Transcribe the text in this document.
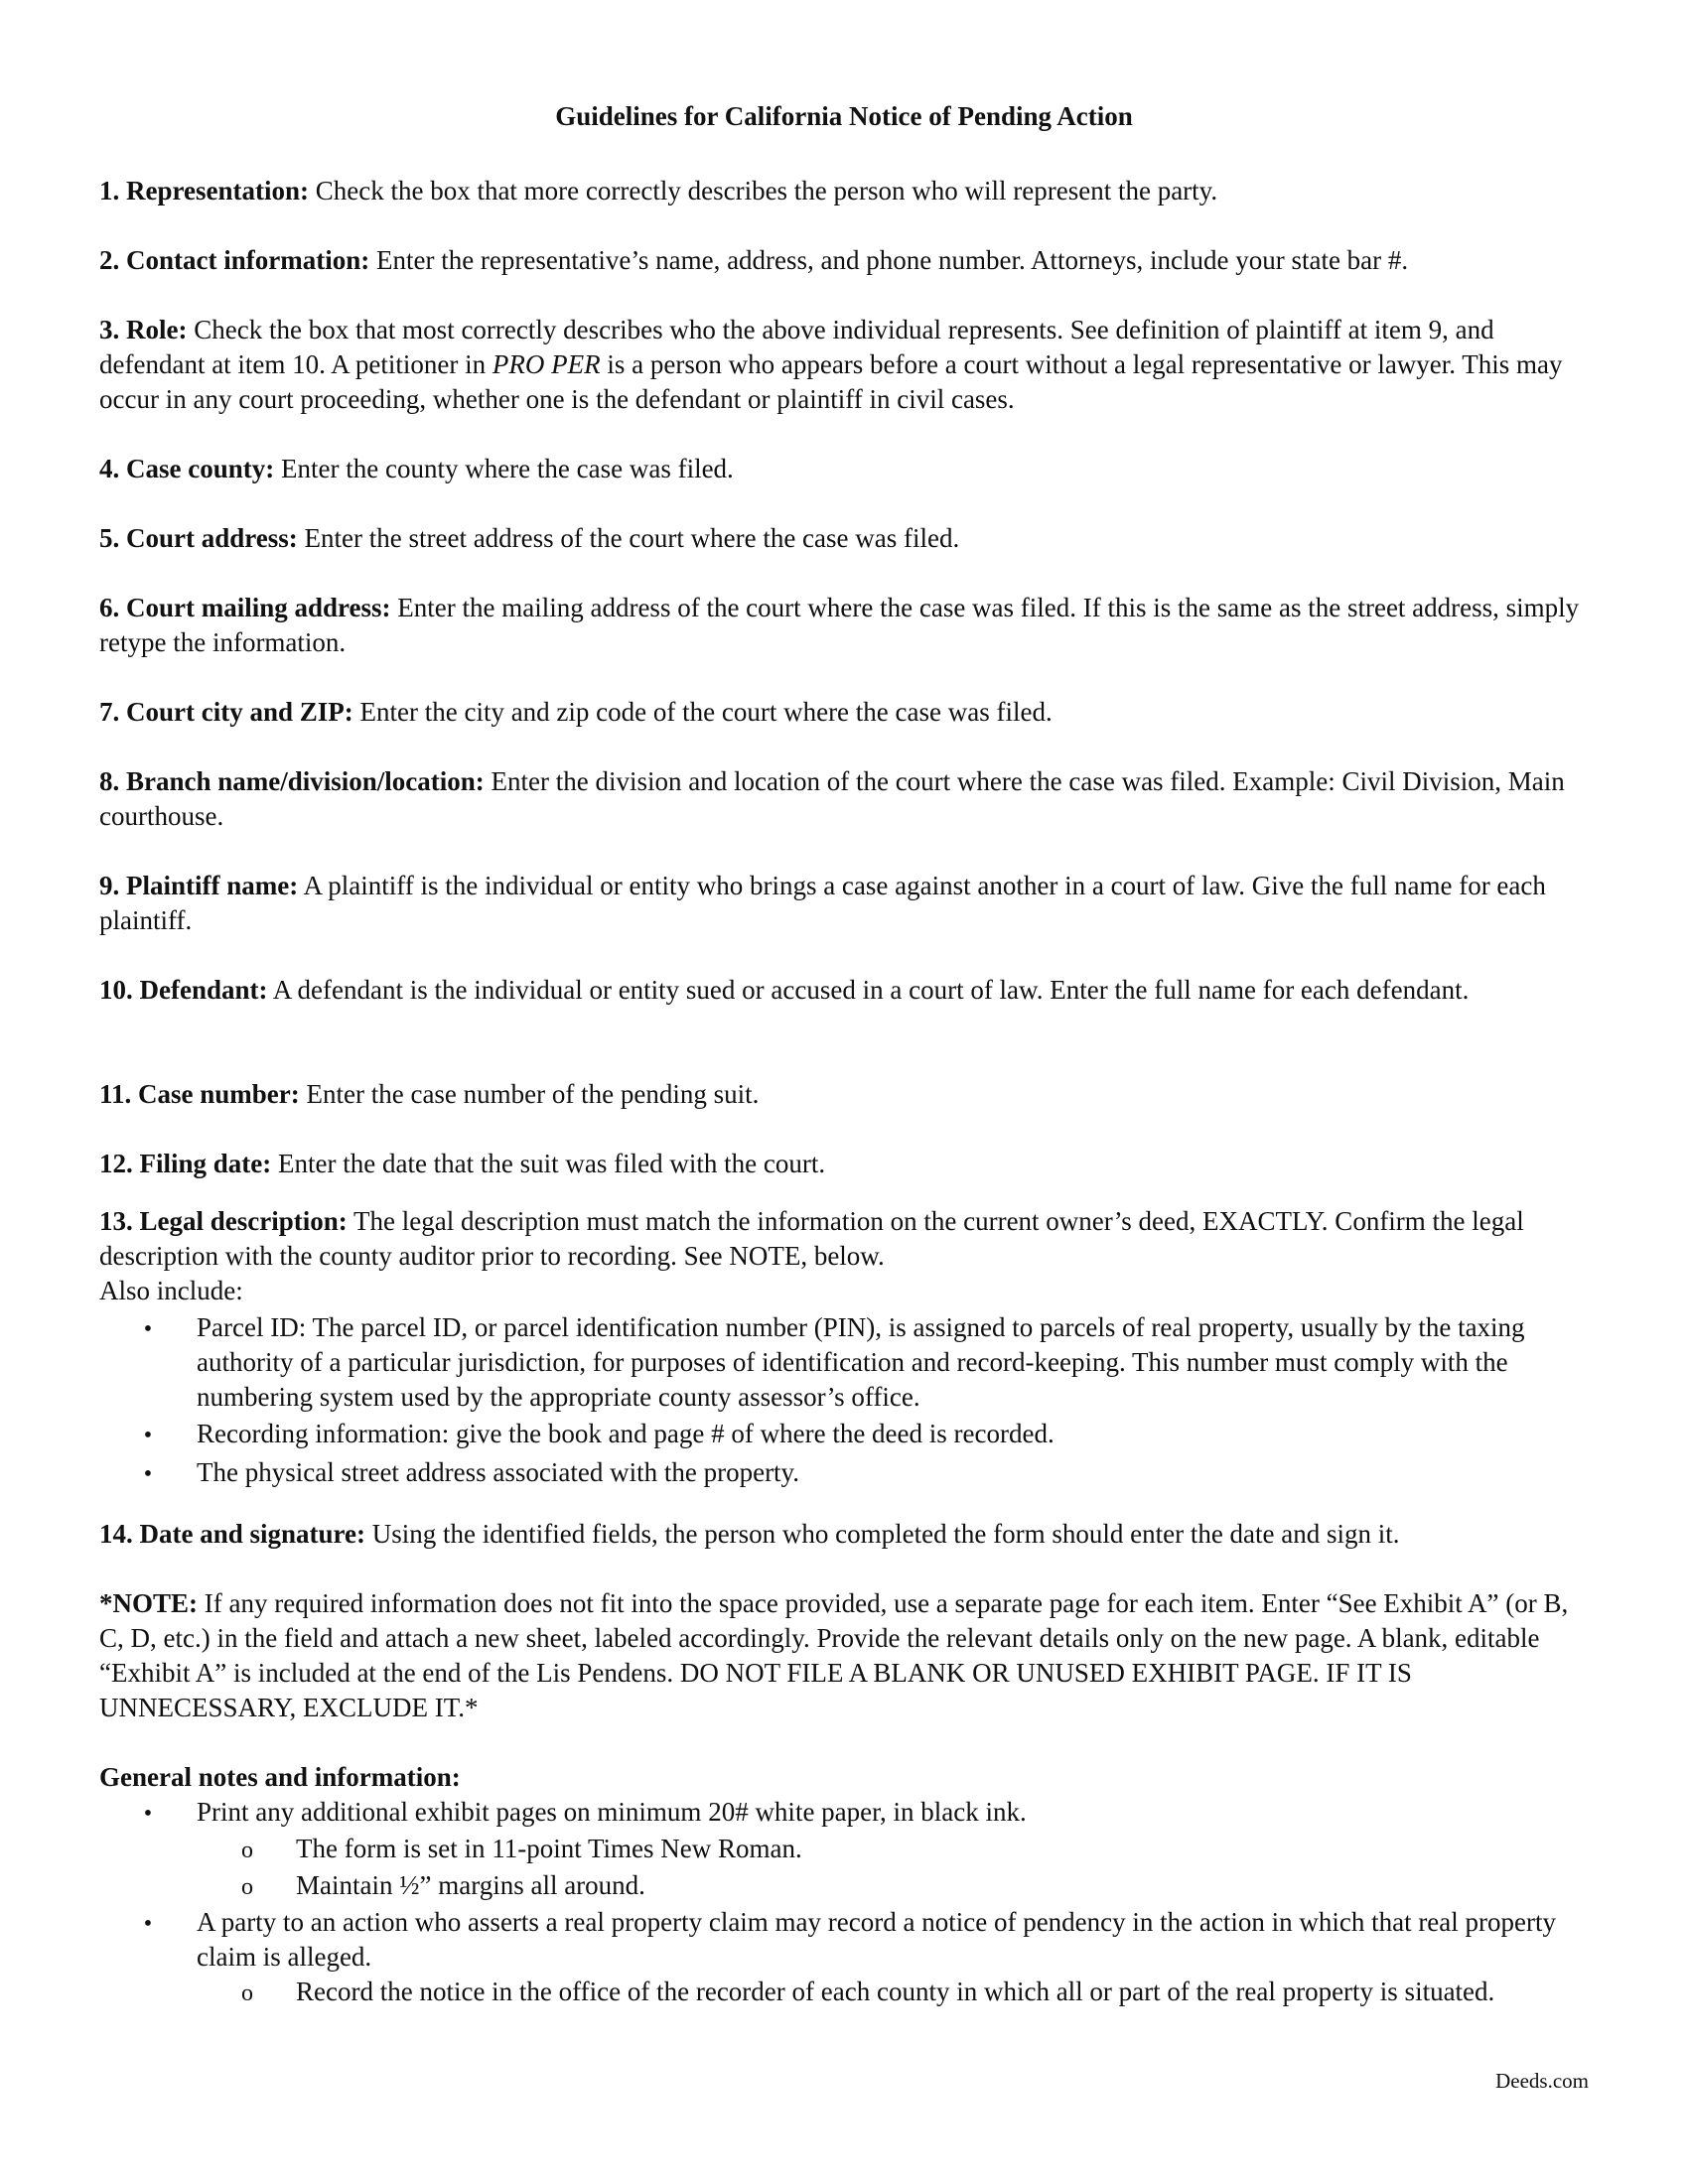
Guidelines for California Notice of Pending Action

1. Representation: Check the box that more correctly describes the person who will represent the party.

2. Contact information: Enter the representative’s name, address, and phone number. Attorneys, include your state bar #.

3. Role: Check the box that most correctly describes who the above individual represents. See definition of plaintiff at item 9, and defendant at item 10. A petitioner in PRO PER is a person who appears before a court without a legal representative or lawyer. This may occur in any court proceeding, whether one is the defendant or plaintiff in civil cases.

4. Case county: Enter the county where the case was filed.

5. Court address: Enter the street address of the court where the case was filed.

6. Court mailing address: Enter the mailing address of the court where the case was filed. If this is the same as the street address, simply retype the information.

7. Court city and ZIP: Enter the city and zip code of the court where the case was filed.

8. Branch name/division/location: Enter the division and location of the court where the case was filed. Example: Civil Division, Main courthouse.

9. Plaintiff name: A plaintiff is the individual or entity who brings a case against another in a court of law. Give the full name for each plaintiff.

10. Defendant: A defendant is the individual or entity sued or accused in a court of law. Enter the full name for each defendant.

11. Case number: Enter the case number of the pending suit.

12. Filing date: Enter the date that the suit was filed with the court.

13. Legal description: The legal description must match the information on the current owner’s deed, EXACTLY. Confirm the legal description with the county auditor prior to recording. See NOTE, below.
Also include:
•
Parcel ID: The parcel ID, or parcel identification number (PIN), is assigned to parcels of real property, usually by the taxing authority of a particular jurisdiction, for purposes of identification and record-keeping. This number must comply with the numbering system used by the appropriate county assessor’s office.
•
Recording information: give the book and page # of where the deed is recorded.
•
The physical street address associated with the property.

14. Date and signature: Using the identified fields, the person who completed the form should enter the date and sign it.

*NOTE: If any required information does not fit into the space provided, use a separate page for each item. Enter “See Exhibit A” (or B, C, D, etc.) in the field and attach a new sheet, labeled accordingly. Provide the relevant details only on the new page. A blank, editable “Exhibit A” is included at the end of the Lis Pendens. DO NOT FILE A BLANK OR UNUSED EXHIBIT PAGE. IF IT IS UNNECESSARY, EXCLUDE IT.*

General notes and information:
•
Print any additional exhibit pages on minimum 20# white paper, in black ink.
o
The form is set in 11-point Times New Roman.
o
Maintain ½” margins all around.
•
A party to an action who asserts a real property claim may record a notice of pendency in the action in which that real property claim is alleged.
o
Record the notice in the office of the recorder of each county in which all or part of the real property is situated.
Deeds.com
